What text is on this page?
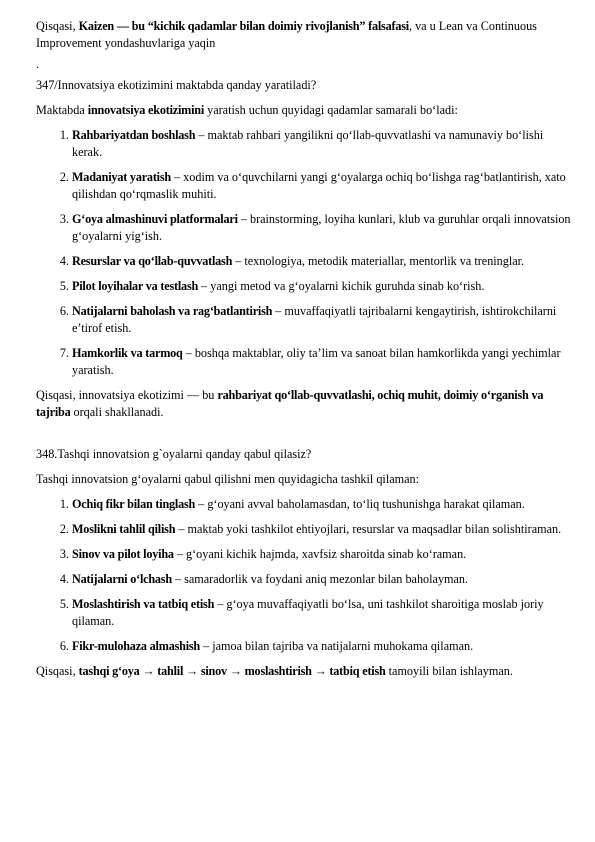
Qisqasi, Kaizen — bu “kichik qadamlar bilan doimiy rivojlanish” falsafasi, va u Lean va Continuous Improvement yondashuvlariga yaqin

.

347/Innovatsiya ekotizimini maktabda qanday yaratiladi?

Maktabda innovatsiya ekotizimini yaratish uchun quyidagi qadamlar samarali bo‘ladi:

1. Rahbariyatdan boshlash – maktab rahbari yangilikni qo‘llab-quvvatlashi va namunaviy bo‘lishi kerak.
2. Madaniyat yaratish – xodim va o‘quvchilarni yangi g‘oyalarga ochiq bo‘lishga rag‘batlantirish, xato qilishdan qo‘rqmaslik muhiti.
3. G‘oya almashinuvi platformalari – brainstorming, loyiha kunlari, klub va guruhlar orqali innovatsion g‘oyalarni yig‘ish.
4. Resurslar va qo‘llab-quvvatlash – texnologiya, metodik materiallar, mentorlik va treninglar.
5. Pilot loyihalar va testlash – yangi metod va g‘oyalarni kichik guruhda sinab ko‘rish.
6. Natijalarni baholash va rag‘batlantirish – muvaffaqiyatli tajribalarni kengaytirish, ishtirokchilarni e’tirof etish.
7. Hamkorlik va tarmoq – boshqa maktablar, oliy ta’lim va sanoat bilan hamkorlikda yangi yechimlar yaratish.

Qisqasi, innovatsiya ekotizimi — bu rahbariyat qo‘llab-quvvatlashi, ochiq muhit, doimiy o‘rganish va tajriba orqali shakllanadi.

348.Tashqi innovatsion g`oyalarni qanday qabul qilasiz?

Tashqi innovatsion g‘oyalarni qabul qilishni men quyidagicha tashkil qilaman:

1. Ochiq fikr bilan tinglash – g‘oyani avval baholamasdan, to‘liq tushunishga harakat qilaman.
2. Moslikni tahlil qilish – maktab yoki tashkilot ehtiyojlari, resurslar va maqsadlar bilan solishtiraman.
3. Sinov va pilot loyiha – g‘oyani kichik hajmda, xavfsiz sharoitda sinab ko‘raman.
4. Natijalarni o‘lchash – samaradorlik va foydani aniq mezonlar bilan baholayman.
5. Moslashtirish va tatbiq etish – g‘oya muvaffaqiyatli bo‘lsa, uni tashkilot sharoitiga moslab joriy qilaman.
6. Fikr-mulohaza almashish – jamoa bilan tajriba va natijalarni muhokama qilaman.

Qisqasi, tashqi g‘oya → tahlil → sinov → moslashtirish → tatbiq etish tamoyili bilan ishlayman.
